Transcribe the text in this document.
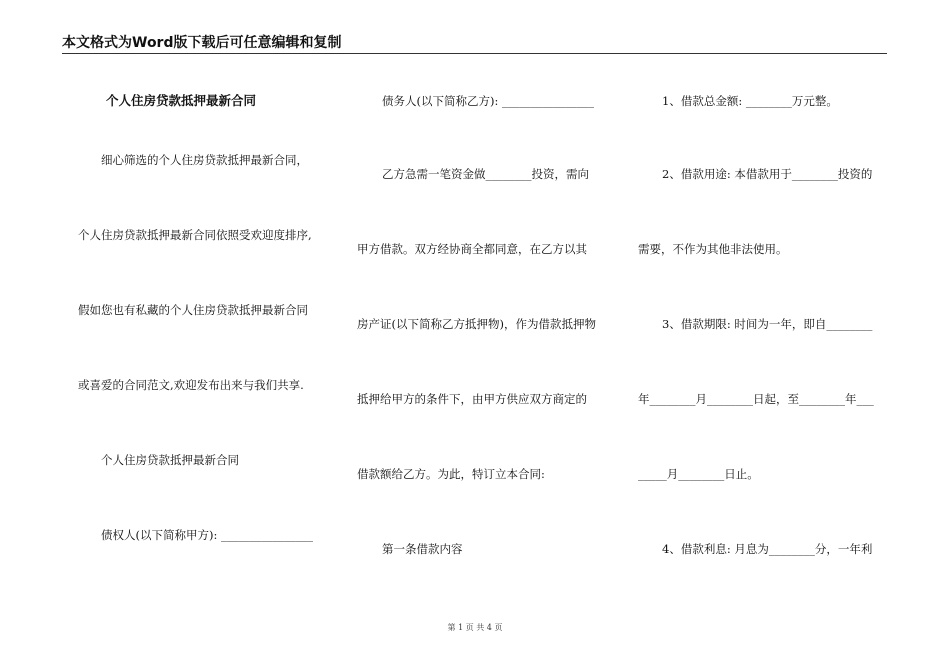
本文格式为Word版下载后可任意编辑和复制
个人住房贷款抵押最新合同
细心筛选的个人住房贷款抵押最新合同，
个人住房贷款抵押最新合同依照受欢迎度排序,
假如您也有私藏的个人住房贷款抵押最新合同
或喜爱的合同范文,欢迎发布出来与我们共享.
个人住房贷款抵押最新合同
债权人(以下简称甲方): ________________
债务人(以下简称乙方): ________________
乙方急需一笔资金做________投资，需向
甲方借款。双方经协商全都同意，在乙方以其
房产证(以下简称乙方抵押物)，作为借款抵押物
抵押给甲方的条件下，由甲方供应双方商定的
借款额给乙方。为此，特订立本合同:
第一条借款内容
1、借款总金额: ________万元整。
2、借款用途: 本借款用于________投资的
需要，不作为其他非法使用。
3、借款期限: 时间为一年，即自________
年________月________日起，至________年___
_____月________日止。
4、借款利息: 月息为________分，一年利
第 1 页 共 4 页
